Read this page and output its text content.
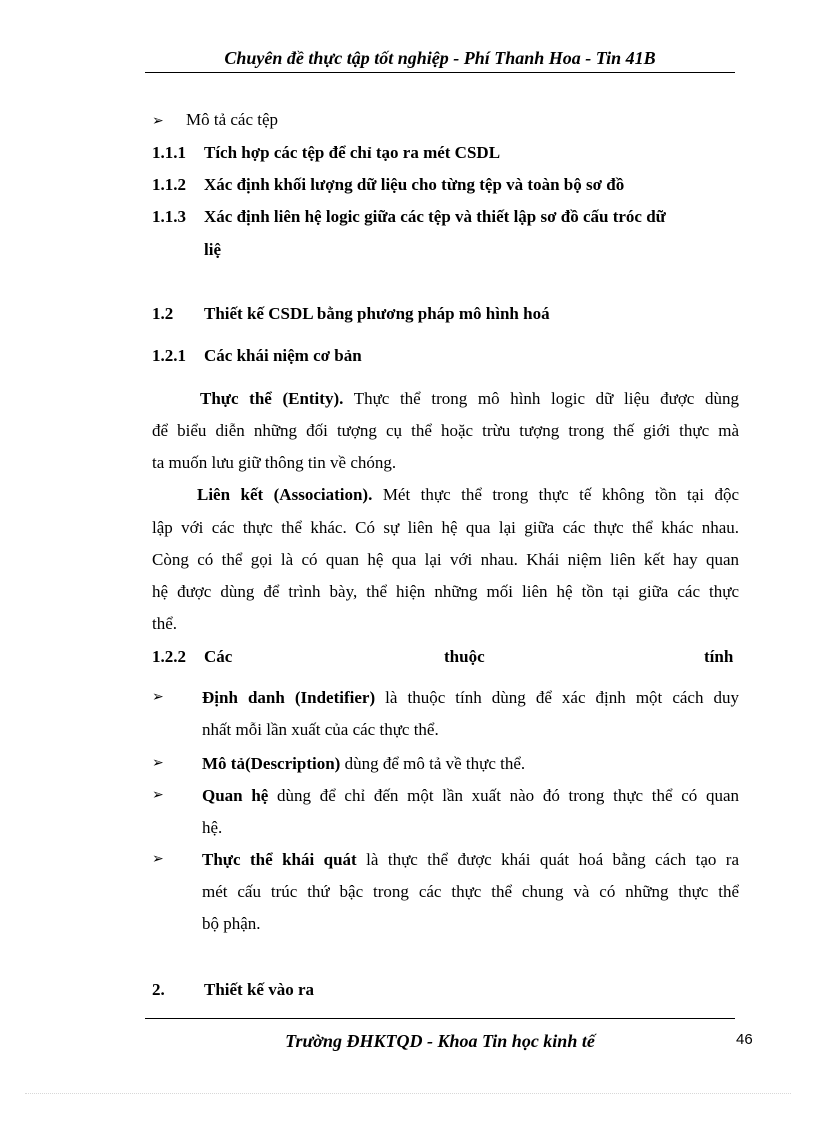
Chuyên đề thực tập tốt nghiệp - Phí Thanh Hoa - Tin 41B
➢ Mô tả các tệp
1.1.1 Tích hợp các tệp để chỉ tạo ra mét CSDL
1.1.2 Xác định khối lượng dữ liệu cho từng tệp và toàn bộ sơ đồ
1.1.3 Xác định liên hệ logic giữa các tệp và thiết lập sơ đồ cấu tróc dữ
liệ
1.2 Thiết kế CSDL bằng phương pháp mô hình hoá
1.2.1 Các khái niệm cơ bản
Thực thể (Entity). Thực thể trong mô hình logic dữ liệu được dùng
để biểu diễn những đối tượng cụ thể hoặc trừu tượng trong thế giới thực mà
ta muốn lưu giữ thông tin về chóng.
Liên kết (Association). Mét thực thể trong thực tế không tồn tại độc
lập với các thực thể khác. Có sự liên hệ qua lại giữa các thực thể khác nhau.
Còng có thể gọi là có quan hệ qua lại với nhau. Khái niệm liên kết hay quan
hệ được dùng để trình bày, thể hiện những mối liên hệ tồn tại giữa các thực
thể.
1.2.2 Các	thuộc	tính
➢ Định danh (Indetifier) là thuộc tính dùng để xác định một cách duy
nhất mỗi lần xuất của các thực thể.
➢ Mô tả(Description) dùng để mô tả về thực thể.
➢ Quan hệ dùng để chỉ đến một lần xuất nào đó trong thực thể có quan
hệ.
➢ Thực thể khái quát là thực thể được khái quát hoá bằng cách tạo ra
mét cấu trúc thứ bậc trong các thực thể chung và có những thực thể
bộ phận.
2. Thiết kế vào ra
Trường ĐHKTQD - Khoa Tin học kinh tế	46
